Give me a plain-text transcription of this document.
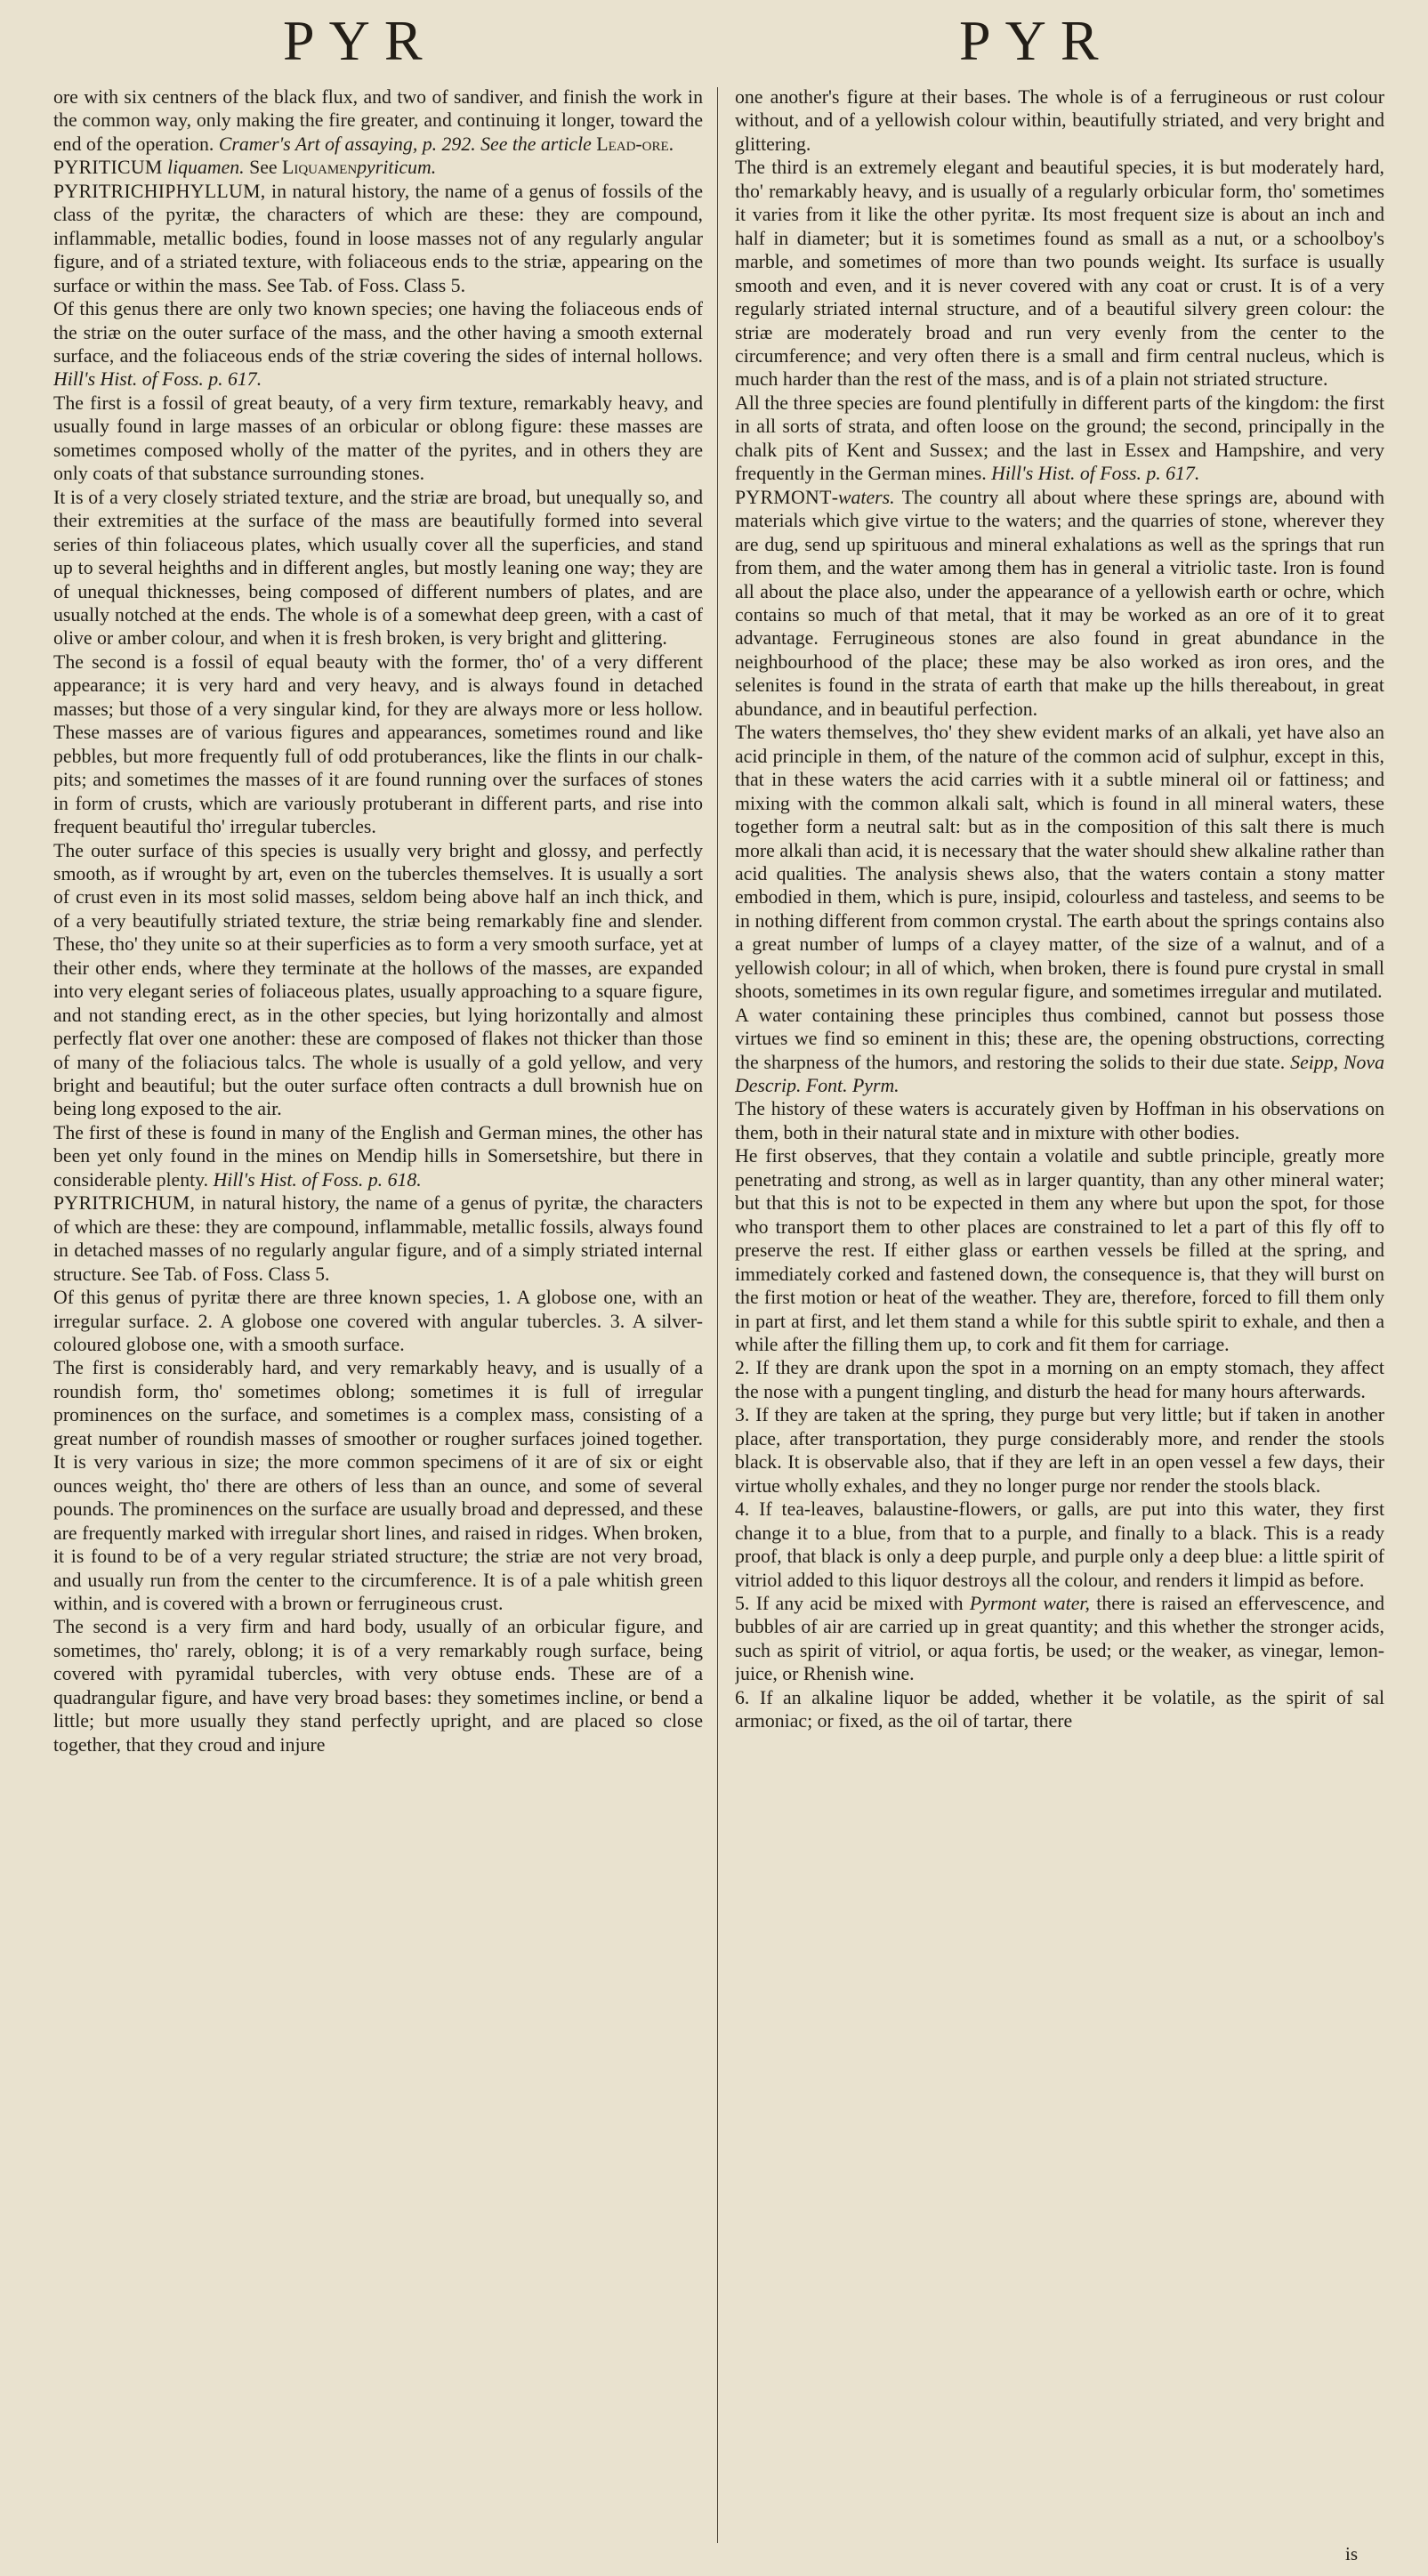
PYR	PYR

ore with six centners of the black flux, and two of sandiver, and finish the work in the common way, only making the fire greater, and continuing it longer, toward the end of the operation. Cramer's Art of assaying, p. 292. See the article Lead-ore.

PYRITICUM liquamen. See Liquamenpyriticum.

PYRITRICHIPHYLLUM, in natural history, the name of a genus of fossils of the class of the pyritæ, the characters of which are these: they are compound, inflammable, metallic bodies, found in loose masses not of any regularly angular figure, and of a striated texture, with foliaceous ends to the striæ, appearing on the surface or within the mass. See Tab. of Foss. Class 5.

Of this genus there are only two known species; one having the foliaceous ends of the striæ on the outer surface of the mass, and the other having a smooth external surface, and the foliaceous ends of the striæ covering the sides of internal hollows. Hill's Hist. of Foss. p. 617.

The first is a fossil of great beauty, of a very firm texture, remarkably heavy, and usually found in large masses of an orbicular or oblong figure: these masses are sometimes composed wholly of the matter of the pyrites, and in others they are only coats of that substance surrounding stones.

It is of a very closely striated texture, and the striæ are broad, but unequally so, and their extremities at the surface of the mass are beautifully formed into several series of thin foliaceous plates, which usually cover all the superficies, and stand up to several heighths and in different angles, but mostly leaning one way; they are of unequal thicknesses, being composed of different numbers of plates, and are usually notched at the ends. The whole is of a somewhat deep green, with a cast of olive or amber colour, and when it is fresh broken, is very bright and glittering.

The second is a fossil of equal beauty with the former, tho' of a very different appearance; it is very hard and very heavy, and is always found in detached masses; but those of a very singular kind, for they are always more or less hollow. These masses are of various figures and appearances, sometimes round and like pebbles, but more frequently full of odd protuberances, like the flints in our chalk-pits; and sometimes the masses of it are found running over the surfaces of stones in form of crusts, which are variously protuberant in different parts, and rise into frequent beautiful tho' irregular tubercles.

The outer surface of this species is usually very bright and glossy, and perfectly smooth, as if wrought by art, even on the tubercles themselves. It is usually a sort of crust even in its most solid masses, seldom being above half an inch thick, and of a very beautifully striated texture, the striæ being remarkably fine and slender. These, tho' they unite so at their superficies as to form a very smooth surface, yet at their other ends, where they terminate at the hollows of the masses, are expanded into very elegant series of foliaceous plates, usually approaching to a square figure, and not standing erect, as in the other species, but lying horizontally and almost perfectly flat over one another: these are composed of flakes not thicker than those of many of the foliacious talcs. The whole is usually of a gold yellow, and very bright and beautiful; but the outer surface often contracts a dull brownish hue on being long exposed to the air.

The first of these is found in many of the English and German mines, the other has been yet only found in the mines on Mendip hills in Somersetshire, but there in considerable plenty. Hill's Hist. of Foss. p. 618.

PYRITRICHUM, in natural history, the name of a genus of pyritæ, the characters of which are these: they are compound, inflammable, metallic fossils, always found in detached masses of no regularly angular figure, and of a simply striated internal structure. See Tab. of Foss. Class 5.

Of this genus of pyritæ there are three known species, 1. A globose one, with an irregular surface. 2. A globose one covered with angular tubercles. 3. A silver-coloured globose one, with a smooth surface.

The first is considerably hard, and very remarkably heavy, and is usually of a roundish form, tho' sometimes oblong; sometimes it is full of irregular prominences on the surface, and sometimes is a complex mass, consisting of a great number of roundish masses of smoother or rougher surfaces joined together. It is very various in size; the more common specimens of it are of six or eight ounces weight, tho' there are others of less than an ounce, and some of several pounds. The prominences on the surface are usually broad and depressed, and these are frequently marked with irregular short lines, and raised in ridges. When broken, it is found to be of a very regular striated structure; the striæ are not very broad, and usually run from the center to the circumference. It is of a pale whitish green within, and is covered with a brown or ferrugineous crust.

The second is a very firm and hard body, usually of an orbicular figure, and sometimes, tho' rarely, oblong; it is of a very remarkably rough surface, being covered with pyramidal tubercles, with very obtuse ends. These are of a quadrangular figure, and have very broad bases: they sometimes incline, or bend a little; but more usually they stand perfectly upright, and are placed so close together, that they croud and injure

one another's figure at their bases. The whole is of a ferrugineous or rust colour without, and of a yellowish colour within, beautifully striated, and very bright and glittering.

The third is an extremely elegant and beautiful species, it is but moderately hard, tho' remarkably heavy, and is usually of a regularly orbicular form, tho' sometimes it varies from it like the other pyritæ. Its most frequent size is about an inch and half in diameter; but it is sometimes found as small as a nut, or a schoolboy's marble, and sometimes of more than two pounds weight. Its surface is usually smooth and even, and it is never covered with any coat or crust. It is of a very regularly striated internal structure, and of a beautiful silvery green colour: the striæ are moderately broad and run very evenly from the center to the circumference; and very often there is a small and firm central nucleus, which is much harder than the rest of the mass, and is of a plain not striated structure.

All the three species are found plentifully in different parts of the kingdom: the first in all sorts of strata, and often loose on the ground; the second, principally in the chalk pits of Kent and Sussex; and the last in Essex and Hampshire, and very frequently in the German mines. Hill's Hist. of Foss. p. 617.

PYRMONT-waters. The country all about where these springs are, abound with materials which give virtue to the waters; and the quarries of stone, wherever they are dug, send up spirituous and mineral exhalations as well as the springs that run from them, and the water among them has in general a vitriolic taste. Iron is found all about the place also, under the appearance of a yellowish earth or ochre, which contains so much of that metal, that it may be worked as an ore of it to great advantage. Ferrugineous stones are also found in great abundance in the neighbourhood of the place; these may be also worked as iron ores, and the selenites is found in the strata of earth that make up the hills thereabout, in great abundance, and in beautiful perfection.

The waters themselves, tho' they shew evident marks of an alkali, yet have also an acid principle in them, of the nature of the common acid of sulphur, except in this, that in these waters the acid carries with it a subtle mineral oil or fattiness; and mixing with the common alkali salt, which is found in all mineral waters, these together form a neutral salt: but as in the composition of this salt there is much more alkali than acid, it is necessary that the water should shew alkaline rather than acid qualities. The analysis shews also, that the waters contain a stony matter embodied in them, which is pure, insipid, colourless and tasteless, and seems to be in nothing different from common crystal. The earth about the springs contains also a great number of lumps of a clayey matter, of the size of a walnut, and of a yellowish colour; in all of which, when broken, there is found pure crystal in small shoots, sometimes in its own regular figure, and sometimes irregular and mutilated.

A water containing these principles thus combined, cannot but possess those virtues we find so eminent in this; these are, the opening obstructions, correcting the sharpness of the humors, and restoring the solids to their due state. Seipp, Nova Descrip. Font. Pyrm.

The history of these waters is accurately given by Hoffman in his observations on them, both in their natural state and in mixture with other bodies.

He first observes, that they contain a volatile and subtle principle, greatly more penetrating and strong, as well as in larger quantity, than any other mineral water; but that this is not to be expected in them any where but upon the spot, for those who transport them to other places are constrained to let a part of this fly off to preserve the rest. If either glass or earthen vessels be filled at the spring, and immediately corked and fastened down, the consequence is, that they will burst on the first motion or heat of the weather. They are, therefore, forced to fill them only in part at first, and let them stand a while for this subtle spirit to exhale, and then a while after the filling them up, to cork and fit them for carriage.

2. If they are drank upon the spot in a morning on an empty stomach, they affect the nose with a pungent tingling, and disturb the head for many hours afterwards.

3. If they are taken at the spring, they purge but very little; but if taken in another place, after transportation, they purge considerably more, and render the stools black. It is observable also, that if they are left in an open vessel a few days, their virtue wholly exhales, and they no longer purge nor render the stools black.

4. If tea-leaves, balaustine-flowers, or galls, are put into this water, they first change it to a blue, from that to a purple, and finally to a black. This is a ready proof, that black is only a deep purple, and purple only a deep blue: a little spirit of vitriol added to this liquor destroys all the colour, and renders it limpid as before.

5. If any acid be mixed with Pyrmont water, there is raised an effervescence, and bubbles of air are carried up in great quantity; and this whether the stronger acids, such as spirit of vitriol, or aqua fortis, be used; or the weaker, as vinegar, lemon-juice, or Rhenish wine.

6. If an alkaline liquor be added, whether it be volatile, as the spirit of sal armoniac; or fixed, as the oil of tartar, there

is
